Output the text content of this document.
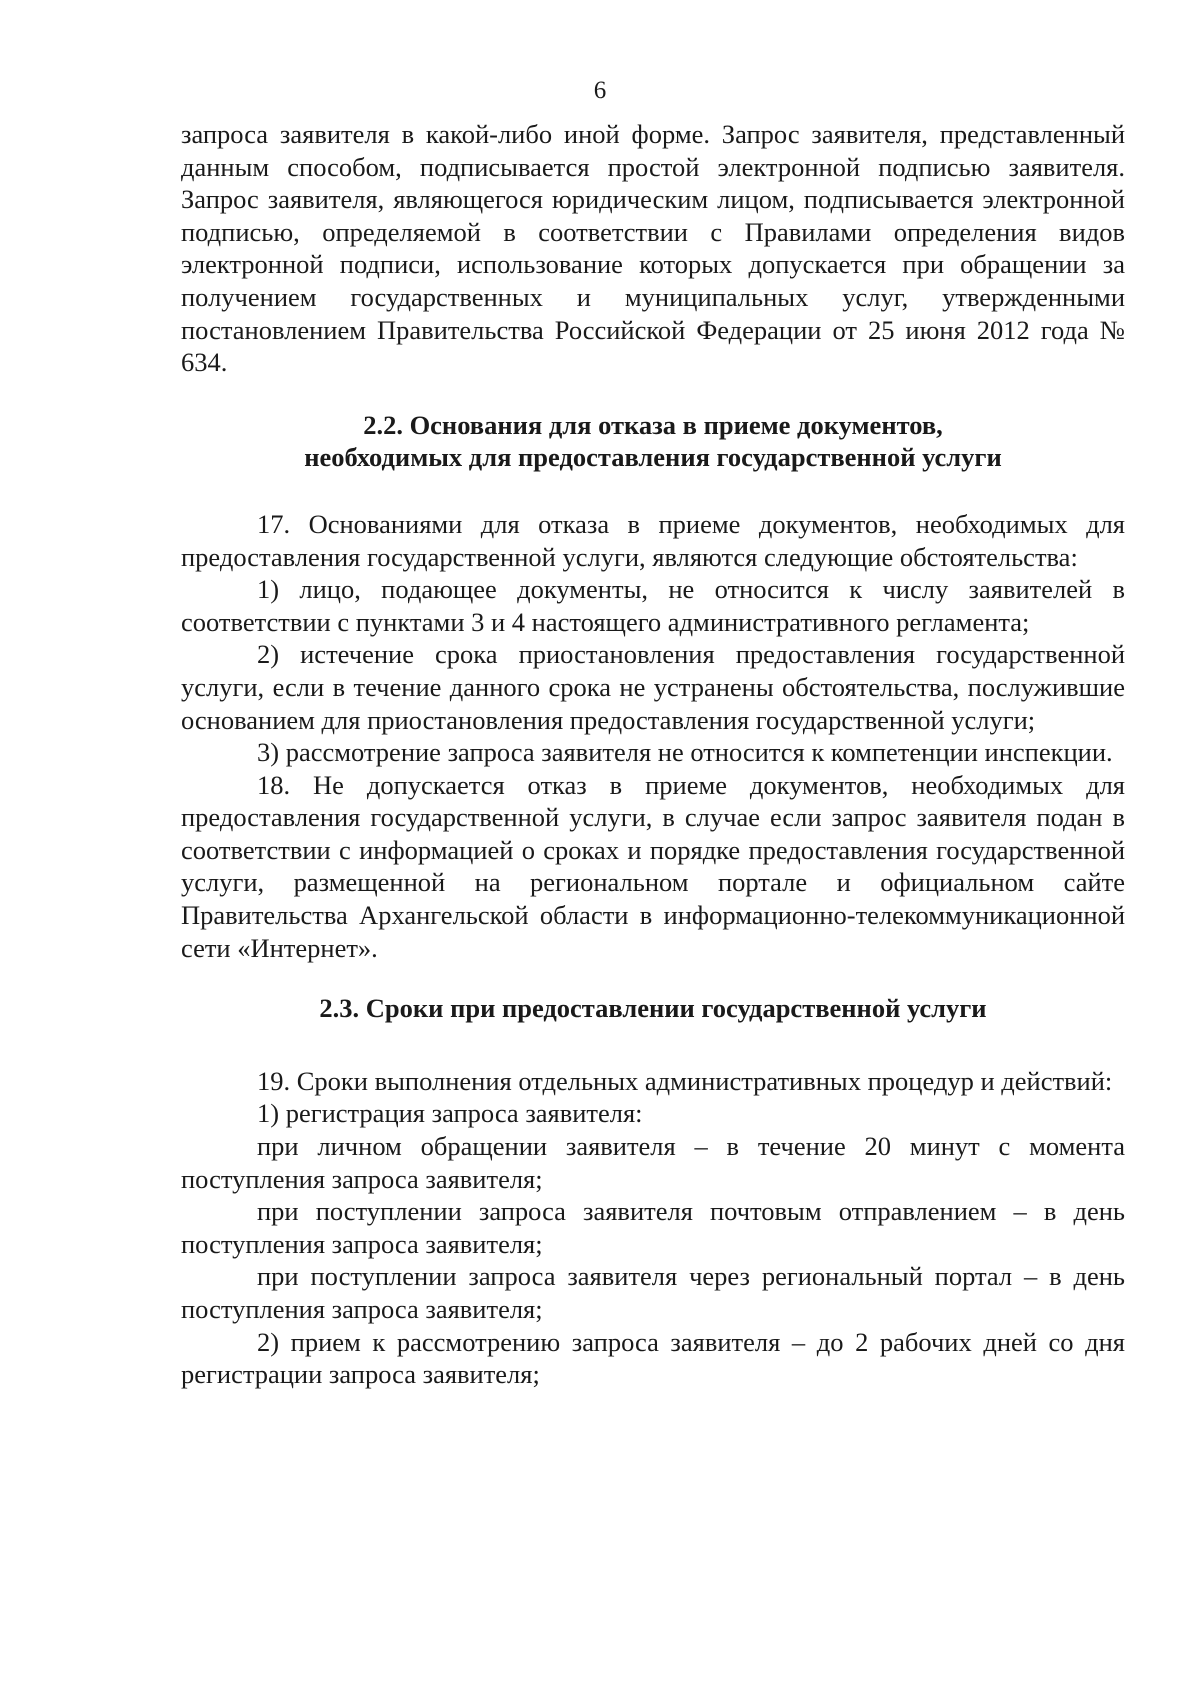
6

запроса заявителя в какой-либо иной форме. Запрос заявителя, представленный данным способом, подписывается простой электронной подписью заявителя. Запрос заявителя, являющегося юридическим лицом, подписывается электронной подписью, определяемой в соответствии с Правилами определения видов электронной подписи, использование которых допускается при обращении за получением государственных и муниципальных услуг, утвержденными постановлением Правительства Российской Федерации от 25 июня 2012 года № 634.

2.2. Основания для отказа в приеме документов,
необходимых для предоставления государственной услуги

17. Основаниями для отказа в приеме документов, необходимых для предоставления государственной услуги, являются следующие обстоятельства:

1) лицо, подающее документы, не относится к числу заявителей в соответствии с пунктами 3 и 4 настоящего административного регламента;

2) истечение срока приостановления предоставления государственной услуги, если в течение данного срока не устранены обстоятельства, послужившие основанием для приостановления предоставления государственной услуги;

3) рассмотрение запроса заявителя не относится к компетенции инспекции.

18. Не допускается отказ в приеме документов, необходимых для предоставления государственной услуги, в случае если запрос заявителя подан в соответствии с информацией о сроках и порядке предоставления государственной услуги, размещенной на региональном портале и официальном сайте Правительства Архангельской области в информационно-телекоммуникационной сети «Интернет».

2.3. Сроки при предоставлении государственной услуги

19. Сроки выполнения отдельных административных процедур и действий:

1) регистрация запроса заявителя:

при личном обращении заявителя – в течение 20 минут с момента поступления запроса заявителя;

при поступлении запроса заявителя почтовым отправлением – в день поступления запроса заявителя;

при поступлении запроса заявителя через региональный портал – в день поступления запроса заявителя;

2) прием к рассмотрению запроса заявителя – до 2 рабочих дней со дня регистрации запроса заявителя;
